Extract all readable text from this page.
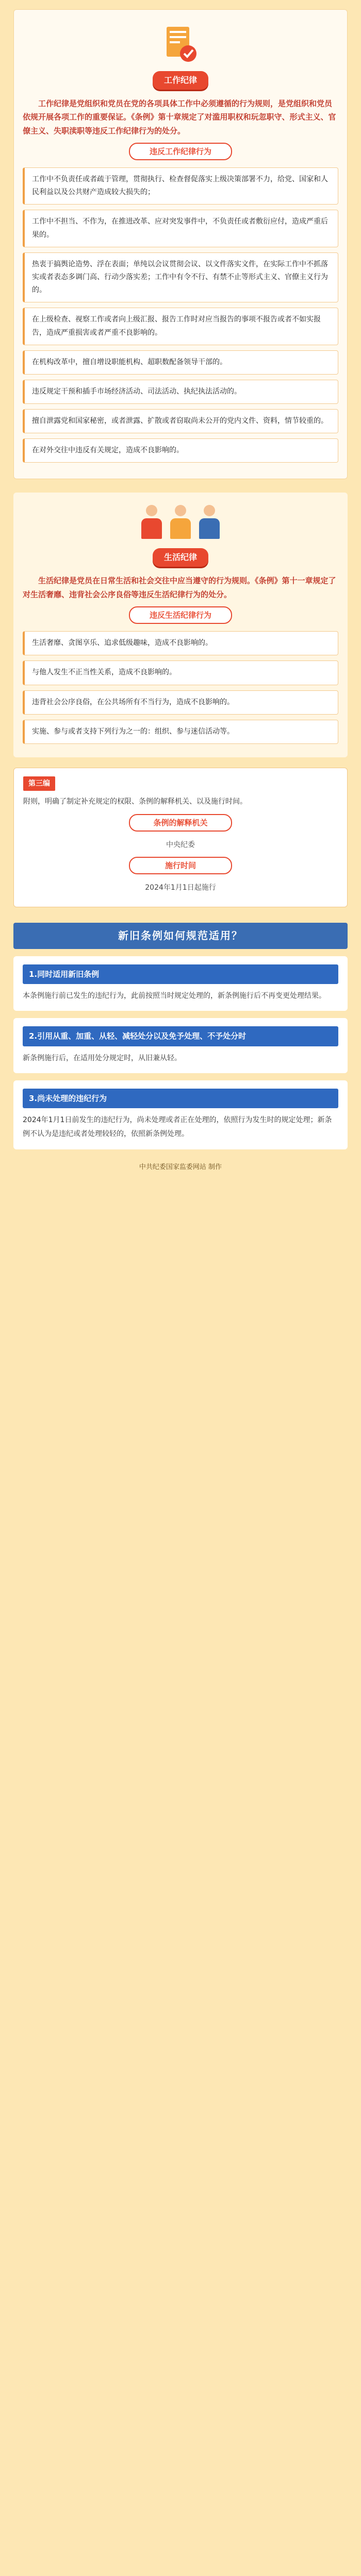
工作纪律

工作纪律是党组织和党员在党的各项具体工作中必须遵循的行为规则，是党组织和党员依规开展各项工作的重要保证。《条例》第十章规定了对滥用职权和玩忽职守、形式主义、官僚主义、失职渎职等违反工作纪律行为的处分。

违反工作纪律行为
工作中不负责任或者疏于管理，贯彻执行、检查督促落实上级决策部署不力，给党、国家和人民利益以及公共财产造成较大损失的；
工作中不担当、不作为，在推进改革、应对突发事件中，不负责任或者敷衍应付，造成严重后果的。
热衷于搞舆论造势、浮在表面；单纯以会议贯彻会议、以文件落实文件，在实际工作中不抓落实或者表态多调门高、行动少落实差；工作中有令不行、有禁不止等形式主义、官僚主义行为的。
在上级检查、视察工作或者向上级汇报、报告工作时对应当报告的事项不报告或者不如实报告，造成严重损害或者严重不良影响的。
在机构改革中，擅自增设职能机构、超职数配备领导干部的。
违反规定干预和插手市场经济活动、司法活动、执纪执法活动的。
擅自泄露党和国家秘密，或者泄露、扩散或者窃取尚未公开的党内文件、资料，情节较重的。
在对外交往中违反有关规定，造成不良影响的。
生活纪律

生活纪律是党员在日常生活和社会交往中应当遵守的行为规则。《条例》第十一章规定了对生活奢靡、违背社会公序良俗等违反生活纪律行为的处分。

违反生活纪律行为
生活奢靡、贪图享乐、追求低级趣味，造成不良影响的。
与他人发生不正当性关系，造成不良影响的。
违背社会公序良俗，在公共场所有不当行为，造成不良影响的。
实施、参与或者支持下列行为之一的：组织、参与迷信活动等。
第三编

附则，明确了制定补充规定的权限、条例的解释机关、以及施行时间。

条例的解释机关

中央纪委

施行时间

2024年1月1日起施行

新旧条例如何规范适用？
1.同时适用新旧条例

本条例施行前已发生的违纪行为，此前按照当时规定处理的，新条例施行后不再变更处理结果。

2.引用从重、加重、从轻、减轻处分以及免予处理、不予处分时

新条例施行后，在适用处分规定时，从旧兼从轻。

3.尚未处理的违纪行为

2024年1月1日前发生的违纪行为，尚未处理或者正在处理的，依照行为发生时的规定处理；新条例不认为是违纪或者处理较轻的，依照新条例处理。

中共纪委国家监委网站 制作
